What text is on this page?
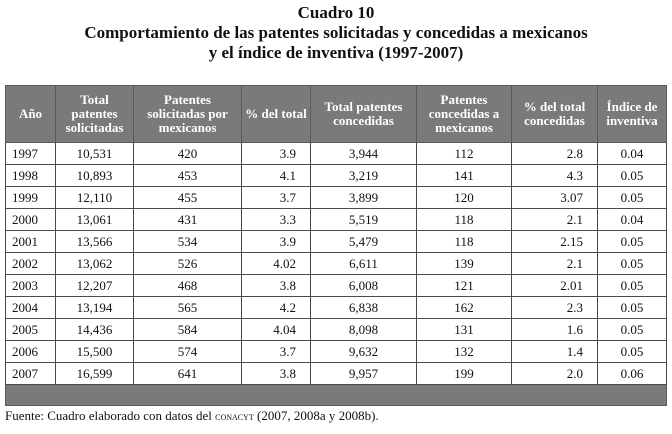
Cuadro 10
Comportamiento de las patentes solicitadas y concedidas a mexicanos
y el índice de inventiva (1997-2007)
Año	Total patentes solicitadas	Patentes solicitadas por mexicanos	% del total	Total patentes concedidas	Patentes concedidas a mexicanos	% del total concedidas	Índice de inventiva
1997	10,531	420	3.9	3,944	112	2.8	0.04
1998	10,893	453	4.1	3,219	141	4.3	0.05
1999	12,110	455	3.7	3,899	120	3.07	0.05
2000	13,061	431	3.3	5,519	118	2.1	0.04
2001	13,566	534	3.9	5,479	118	2.15	0.05
2002	13,062	526	4.02	6,611	139	2.1	0.05
2003	12,207	468	3.8	6,008	121	2.01	0.05
2004	13,194	565	4.2	6,838	162	2.3	0.05
2005	14,436	584	4.04	8,098	131	1.6	0.05
2006	15,500	574	3.7	9,632	132	1.4	0.05
2007	16,599	641	3.8	9,957	199	2.0	0.06

Fuente: Cuadro elaborado con datos del conacyt (2007, 2008a y 2008b).
